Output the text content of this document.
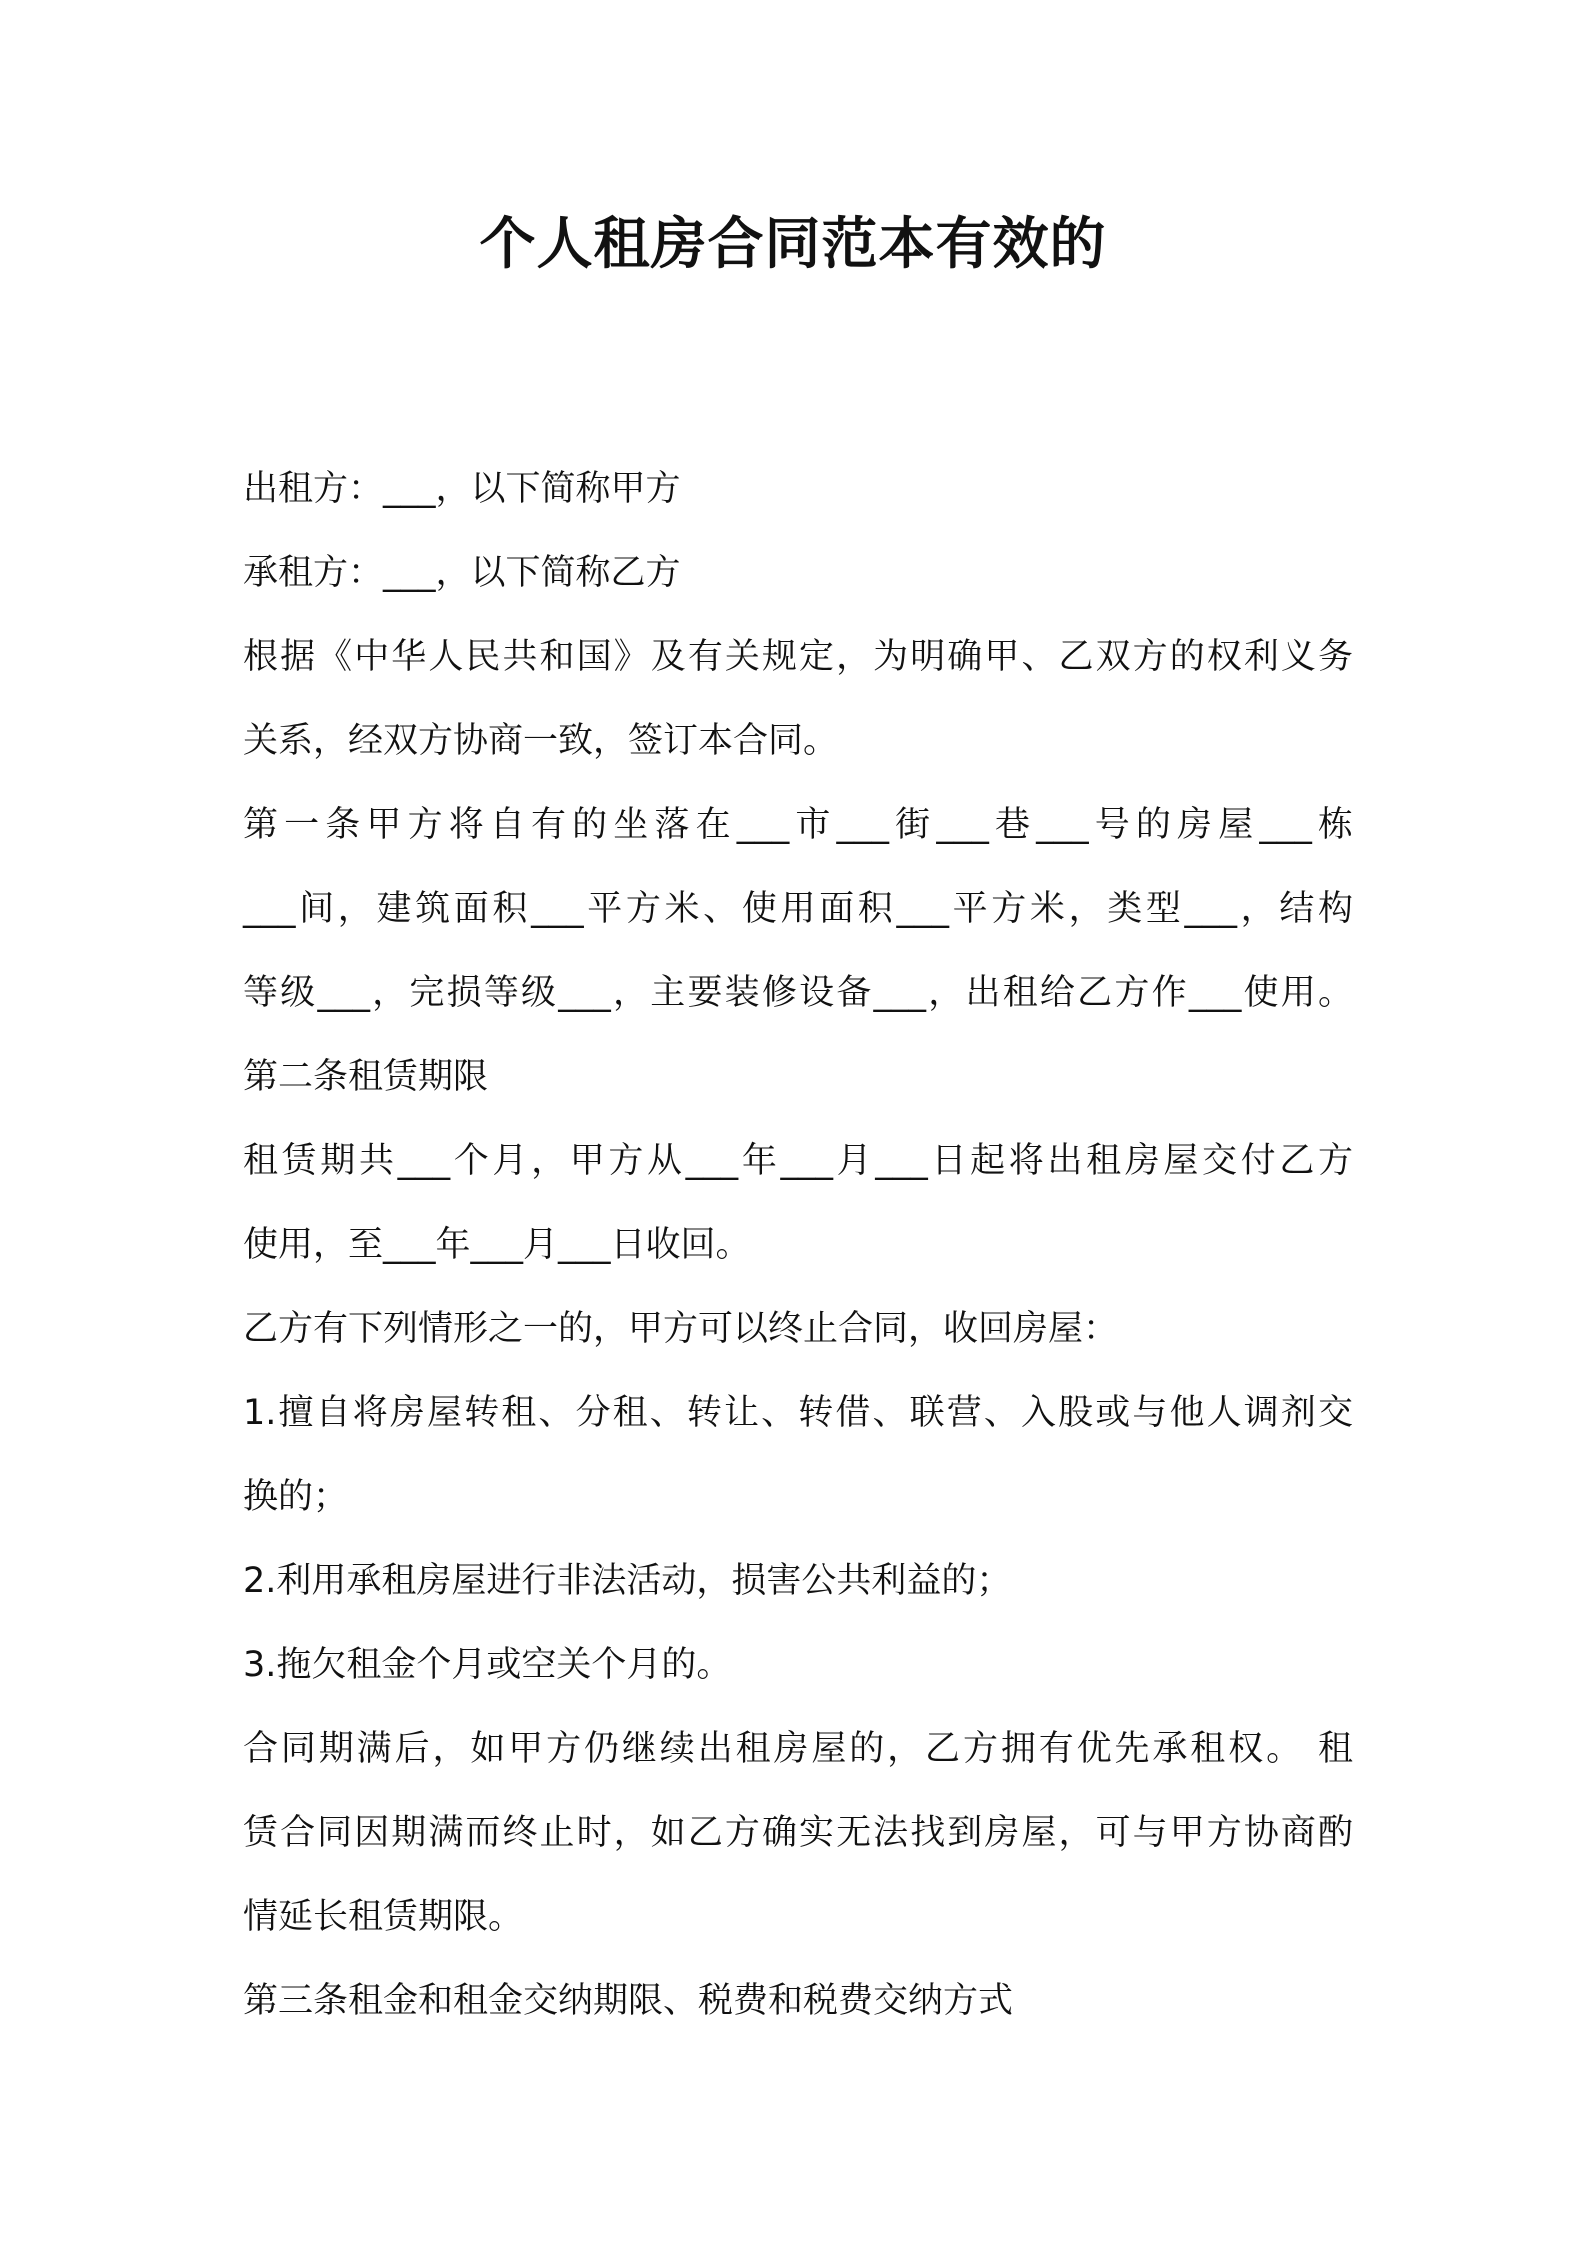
个人租房合同范本有效的

出租方：___，以下简称甲方

承租方：___，以下简称乙方

根据《中华人民共和国》及有关规定，为明确甲、乙双方的权利义务

关系，经双方协商一致，签订本合同。

第一条甲方将自有的坐落在___市___街___巷___号的房屋___栋

___间，建筑面积___平方米、使用面积___平方米，类型___，结构

等级___，完损等级___，主要装修设备___，出租给乙方作___使用。

第二条租赁期限

租赁期共___个月，甲方从___年___月___日起将出租房屋交付乙方

使用，至___年___月___日收回。

乙方有下列情形之一的，甲方可以终止合同，收回房屋：

1.擅自将房屋转租、分租、转让、转借、联营、入股或与他人调剂交

换的；

2.利用承租房屋进行非法活动，损害公共利益的；

3.拖欠租金个月或空关个月的。

合同期满后，如甲方仍继续出租房屋的，乙方拥有优先承租权。 租

赁合同因期满而终止时，如乙方确实无法找到房屋，可与甲方协商酌

情延长租赁期限。

第三条租金和租金交纳期限、税费和税费交纳方式
